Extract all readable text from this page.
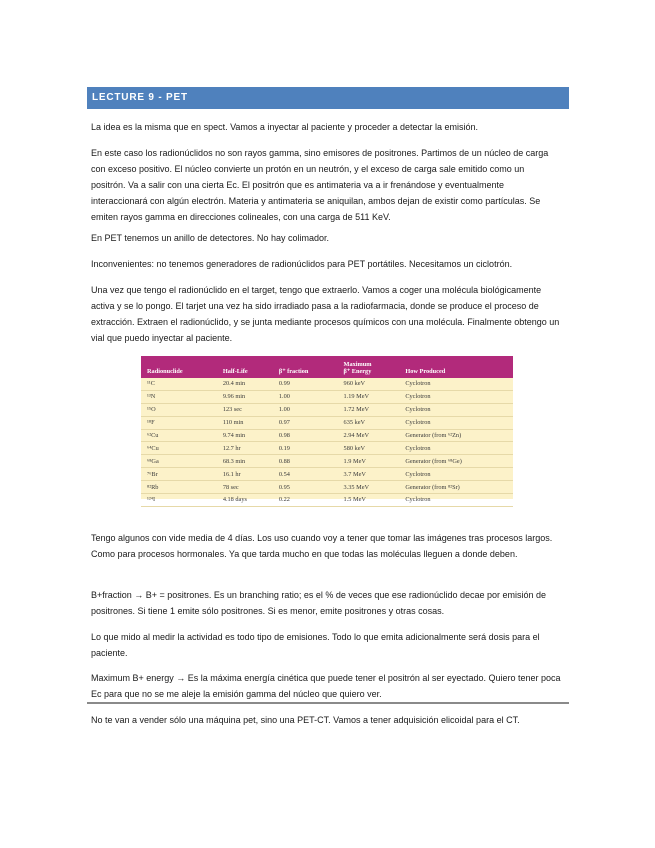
LECTURE 9 - PET

La idea es la misma que en spect. Vamos a inyectar al paciente y proceder a detectar la emisión.

En este caso los radionúclidos no son rayos gamma, sino emisores de positrones. Partimos de un núcleo de carga con exceso positivo. El núcleo convierte un protón en un neutrón, y el exceso de carga sale emitido como un positrón. Va a salir con una cierta Ec. El positrón que es antimateria va a ir frenándose y eventualmente interaccionará con algún electrón. Materia y antimateria se aniquilan, ambos dejan de existir como partículas. Se emiten rayos gamma en direcciones colineales, con una carga de 511 KeV.

En PET tenemos un anillo de detectores. No hay colimador.

Inconvenientes: no tenemos generadores de radionúclidos para PET portátiles. Necesitamos un ciclotrón.

Una vez que tengo el radionúclido en el target, tengo que extraerlo. Vamos a coger una molécula biológicamente activa y se lo pongo. El tarjet una vez ha sido irradiado pasa a la radiofarmacia, donde se produce el proceso de extracción. Extraen el radionúclido, y se junta mediante procesos químicos con una molécula. Finalmente obtengo un vial que puedo inyectar al paciente.

Radionuclide	Half-Life	β⁺ fraction	Maximum
β⁺ Energy	How Produced
¹¹C	20.4 min	0.99	960 keV	Cyclotron
¹³N	9.96 min	1.00	1.19 MeV	Cyclotron
¹⁵O	123 sec	1.00	1.72 MeV	Cyclotron
¹⁸F	110 min	0.97	635 keV	Cyclotron
⁶²Cu	9.74 min	0.98	2.94 MeV	Generator (from ⁶²Zn)
⁶⁴Cu	12.7 hr	0.19	580 keV	Cyclotron
⁶⁸Ga	68.3 min	0.88	1.9 MeV	Generator (from ⁶⁸Ge)
⁷⁶Br	16.1 hr	0.54	3.7 MeV	Cyclotron
⁸²Rb	78 sec	0.95	3.35 MeV	Generator (from ⁸²Sr)
¹²⁴I	4.18 days	0.22	1.5 MeV	Cyclotron

Tengo algunos con vide media de 4 días. Los uso cuando voy a tener que tomar las imágenes tras procesos largos. Como para procesos hormonales. Ya que tarda mucho en que todas las moléculas lleguen a donde deben.

B+fraction → B+ = positrones. Es un branching ratio; es el % de veces que ese radionúclido decae por emisión de positrones. Si tiene 1 emite sólo positrones. Si es menor, emite positrones y otras cosas.

Lo que mido al medir la actividad es todo tipo de emisiones. Todo lo que emita adicionalmente será dosis para el paciente.

Maximum B+ energy → Es la máxima energía cinética que puede tener el positrón al ser eyectado. Quiero tener poca Ec para que no se me aleje la emisión gamma del núcleo que quiero ver.

No te van a vender sólo una máquina pet, sino una PET-CT. Vamos a tener adquisición elicoidal para el CT.
